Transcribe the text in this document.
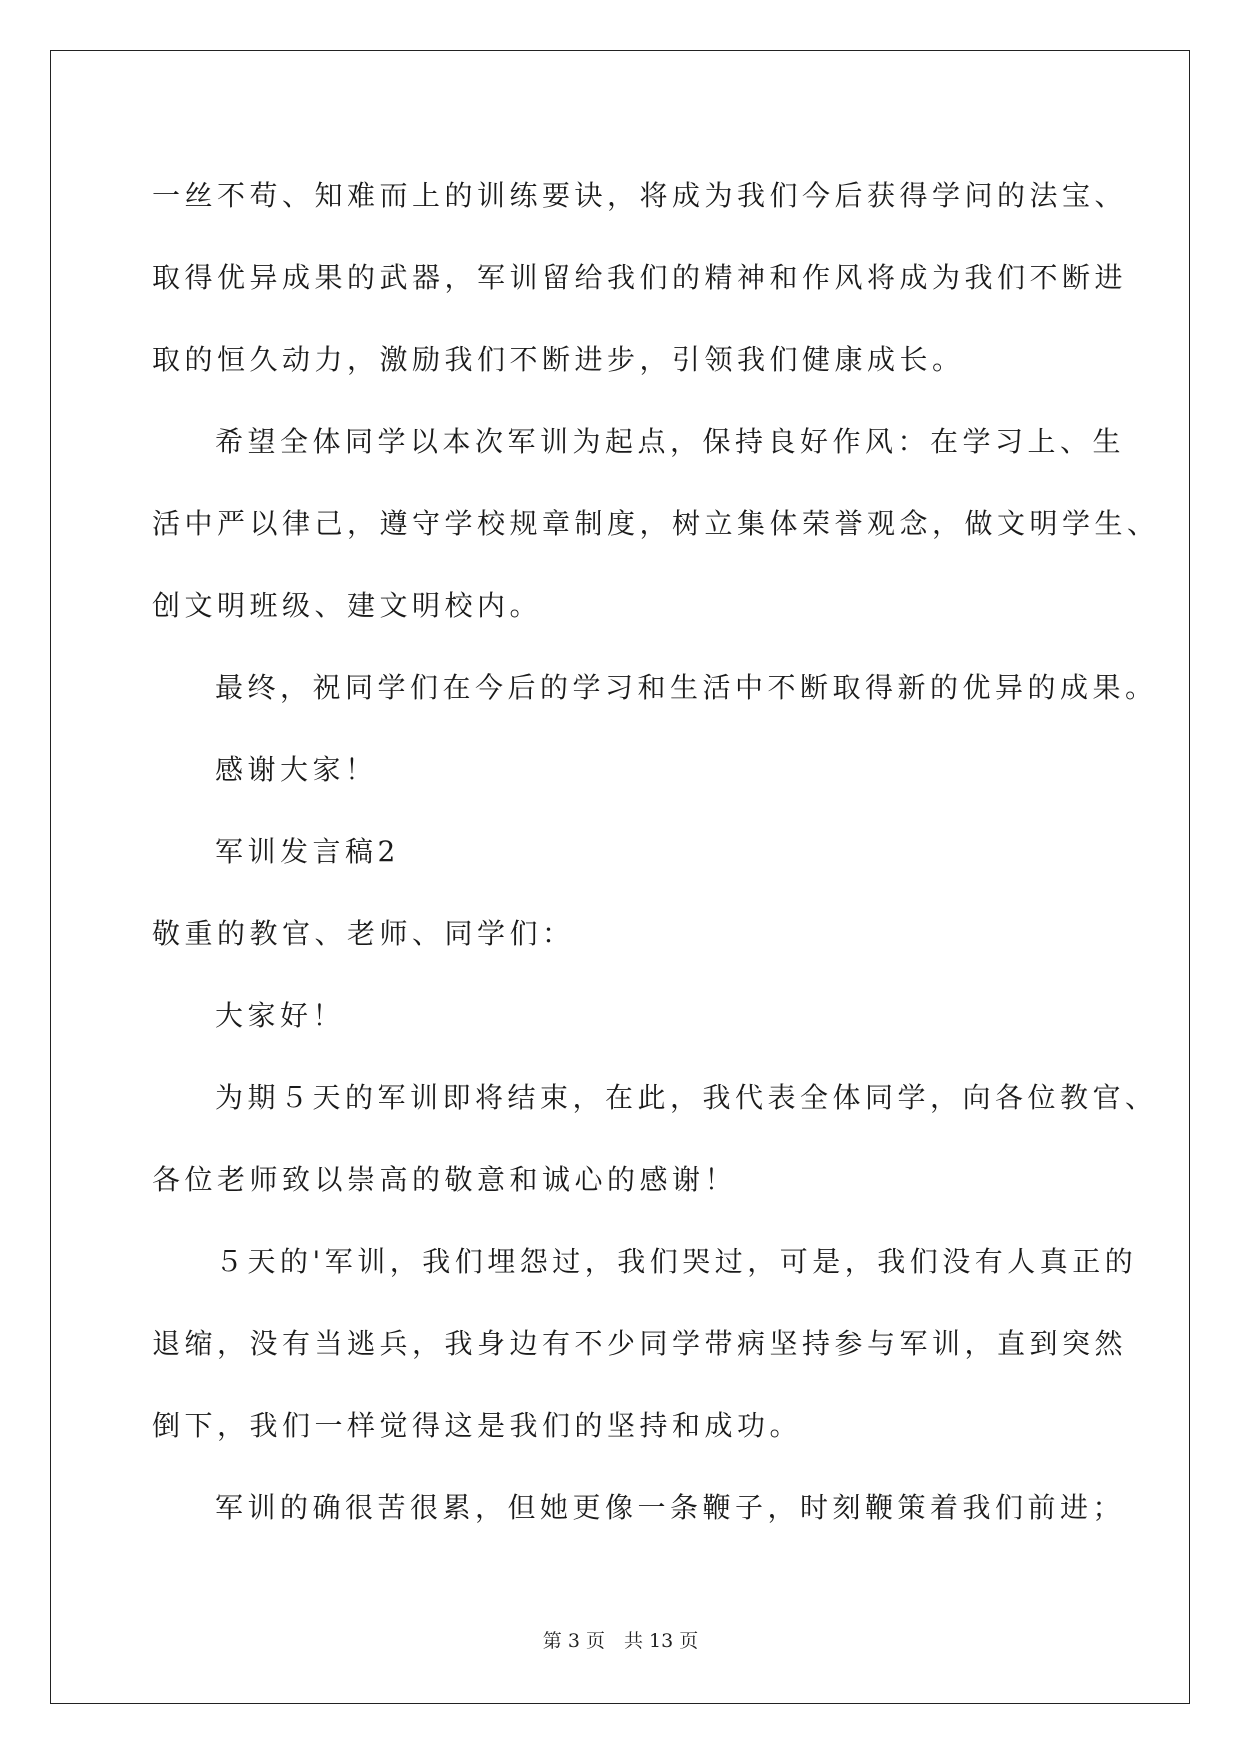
一丝不苟、知难而上的训练要诀，将成为我们今后获得学问的法宝、
取得优异成果的武器，军训留给我们的精神和作风将成为我们不断进
取的恒久动力，激励我们不断进步，引领我们健康成长。
希望全体同学以本次军训为起点，保持良好作风：在学习上、生
活中严以律己，遵守学校规章制度，树立集体荣誉观念，做文明学生、
创文明班级、建文明校内。
最终，祝同学们在今后的学习和生活中不断取得新的优异的成果。
感谢大家！
军训发言稿2
敬重的教官、老师、同学们：
大家好！
为期５天的军训即将结束，在此，我代表全体同学，向各位教官、
各位老师致以崇高的敬意和诚心的感谢！
５天的'军训，我们埋怨过，我们哭过，可是，我们没有人真正的
退缩，没有当逃兵，我身边有不少同学带病坚持参与军训，直到突然
倒下，我们一样觉得这是我们的坚持和成功。
军训的确很苦很累，但她更像一条鞭子，时刻鞭策着我们前进；
第 3 页　共 13 页
